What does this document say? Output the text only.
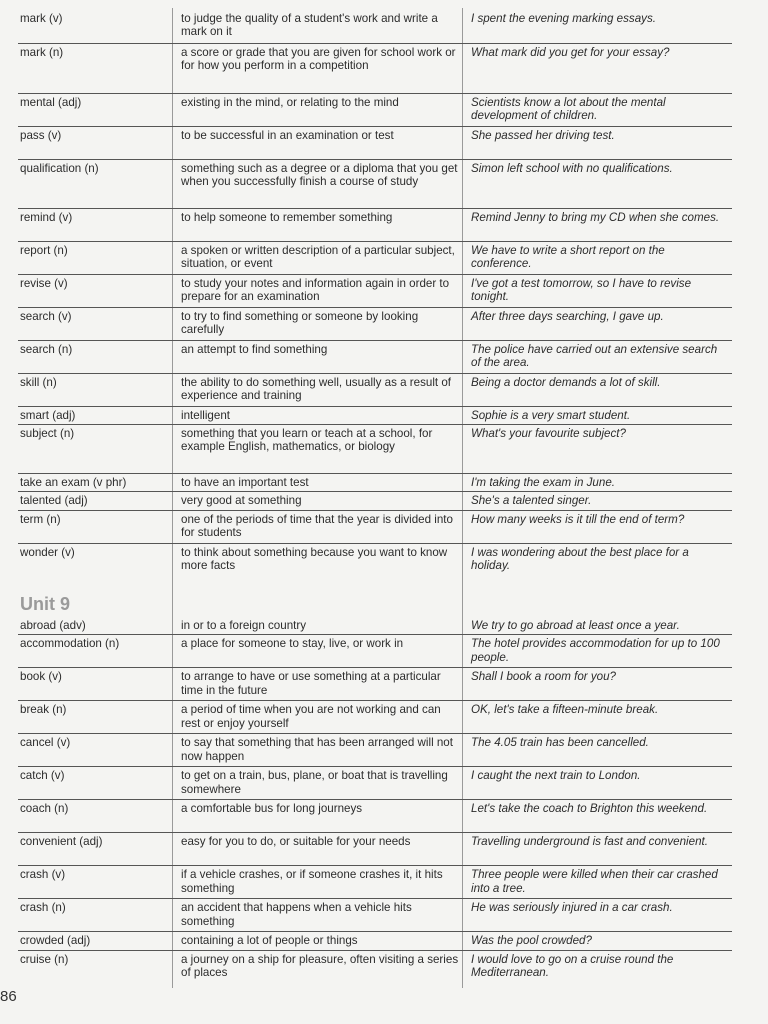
mark (v)	to judge the quality of a student's work and write a mark on it	I spent the evening marking essays.
mark (n)	a score or grade that you are given for school work or for how you perform in a competition	What mark did you get for your essay?
mental (adj)	existing in the mind, or relating to the mind	Scientists know a lot about the mental development of children.
pass (v)	to be successful in an examination or test	She passed her driving test.
qualification (n)	something such as a degree or a diploma that you get when you successfully finish a course of study	Simon left school with no qualifications.
remind (v)	to help someone to remember something	Remind Jenny to bring my CD when she comes.
report (n)	a spoken or written description of a particular subject, situation, or event	We have to write a short report on the conference.
revise (v)	to study your notes and information again in order to prepare for an examination	I've got a test tomorrow, so I have to revise tonight.
search (v)	to try to find something or someone by looking carefully	After three days searching, I gave up.
search (n)	an attempt to find something	The police have carried out an extensive search of the area.
skill (n)	the ability to do something well, usually as a result of experience and training	Being a doctor demands a lot of skill.
smart (adj)	intelligent	Sophie is a very smart student.
subject (n)	something that you learn or teach at a school, for example English, mathematics, or biology	What's your favourite subject?
take an exam (v phr)	to have an important test	I'm taking the exam in June.
talented (adj)	very good at something	She's a talented singer.
term (n)	one of the periods of time that the year is divided into for students	How many weeks is it till the end of term?
wonder (v)	to think about something because you want to know more facts	I was wondering about the best place for a holiday.
Unit 9
abroad (adv)	in or to a foreign country	We try to go abroad at least once a year.
accommodation (n)	a place for someone to stay, live, or work in	The hotel provides accommodation for up to 100 people.
book (v)	to arrange to have or use something at a particular time in the future	Shall I book a room for you?
break (n)	a period of time when you are not working and can rest or enjoy yourself	OK, let's take a fifteen-minute break.
cancel (v)	to say that something that has been arranged will not now happen	The 4.05 train has been cancelled.
catch (v)	to get on a train, bus, plane, or boat that is travelling somewhere	I caught the next train to London.
coach (n)	a comfortable bus for long journeys	Let's take the coach to Brighton this weekend.
convenient (adj)	easy for you to do, or suitable for your needs	Travelling underground is fast and convenient.
crash (v)	if a vehicle crashes, or if someone crashes it, it hits something	Three people were killed when their car crashed into a tree.
crash (n)	an accident that happens when a vehicle hits something	He was seriously injured in a car crash.
crowded (adj)	containing a lot of people or things	Was the pool crowded?
cruise (n)	a journey on a ship for pleasure, often visiting a series of places	I would love to go on a cruise round the Mediterranean.
86
